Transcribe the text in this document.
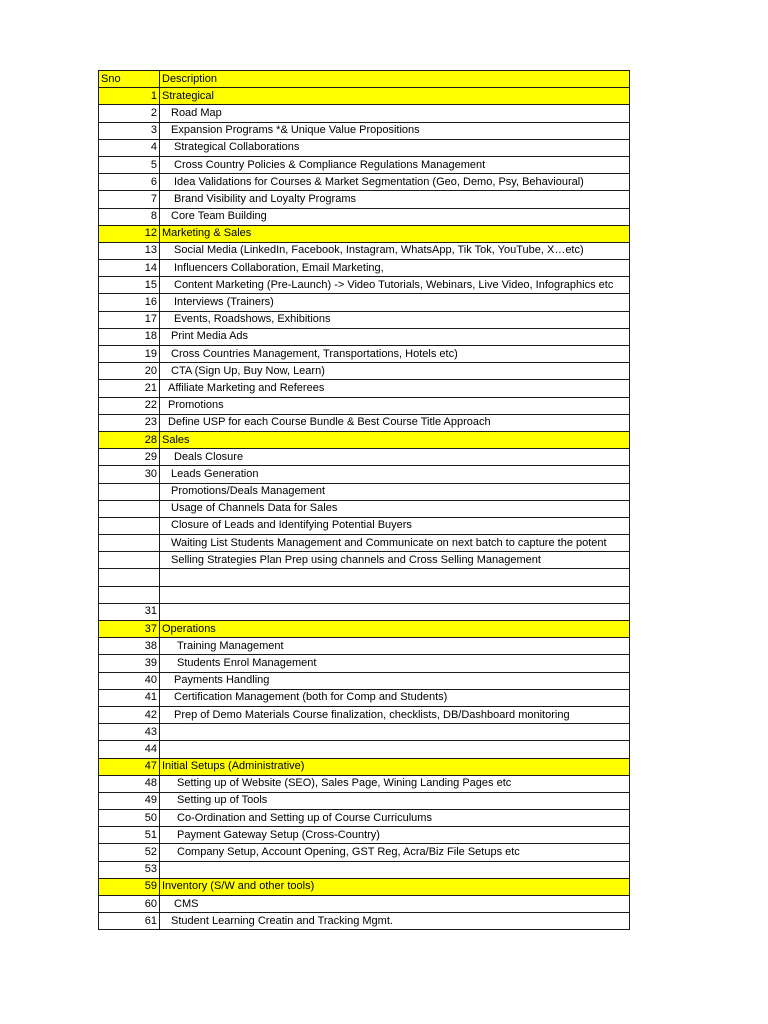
Sno	Description
1	Strategical
2	Road Map
3	Expansion Programs *& Unique Value Propositions
4	Strategical Collaborations
5	Cross Country Policies & Compliance Regulations Management
6	Idea Validations for Courses & Market Segmentation (Geo, Demo, Psy, Behavioural)
7	Brand Visibility and Loyalty Programs
8	Core Team Building
12	Marketing & Sales
13	Social Media (LinkedIn, Facebook, Instagram, WhatsApp, Tik Tok, YouTube, X…etc)
14	Influencers Collaboration, Email Marketing,
15	Content Marketing (Pre-Launch) -> Video Tutorials, Webinars, Live Video, Infographics etc
16	Interviews (Trainers)
17	Events, Roadshows, Exhibitions
18	Print Media Ads
19	Cross Countries Management, Transportations, Hotels etc)
20	CTA (Sign Up, Buy Now, Learn)
21	Affiliate Marketing and Referees
22	Promotions
23	Define USP for each Course Bundle & Best Course Title Approach
28	Sales
29	Deals Closure
30	Leads Generation
	Promotions/Deals Management
	Usage of Channels Data for Sales
	Closure of Leads and Identifying Potential Buyers
	Waiting List Students Management and Communicate on next batch to capture the potent
	Selling Strategies Plan Prep using channels and Cross Selling Management

31	
37	Operations
38	Training Management
39	Students Enrol Management
40	Payments Handling
41	Certification Management (both for Comp and Students)
42	Prep of Demo Materials Course finalization, checklists, DB/Dashboard monitoring
43	
44	
47	Initial Setups (Administrative)
48	Setting up of Website (SEO), Sales Page, Wining Landing Pages etc
49	Setting up of Tools
50	Co-Ordination and Setting up of Course Curriculums
51	Payment Gateway Setup (Cross-Country)
52	Company Setup, Account Opening, GST Reg, Acra/Biz File Setups etc
53	
59	Inventory (S/W and other tools)
60	CMS
61	Student Learning Creatin and Tracking Mgmt.
